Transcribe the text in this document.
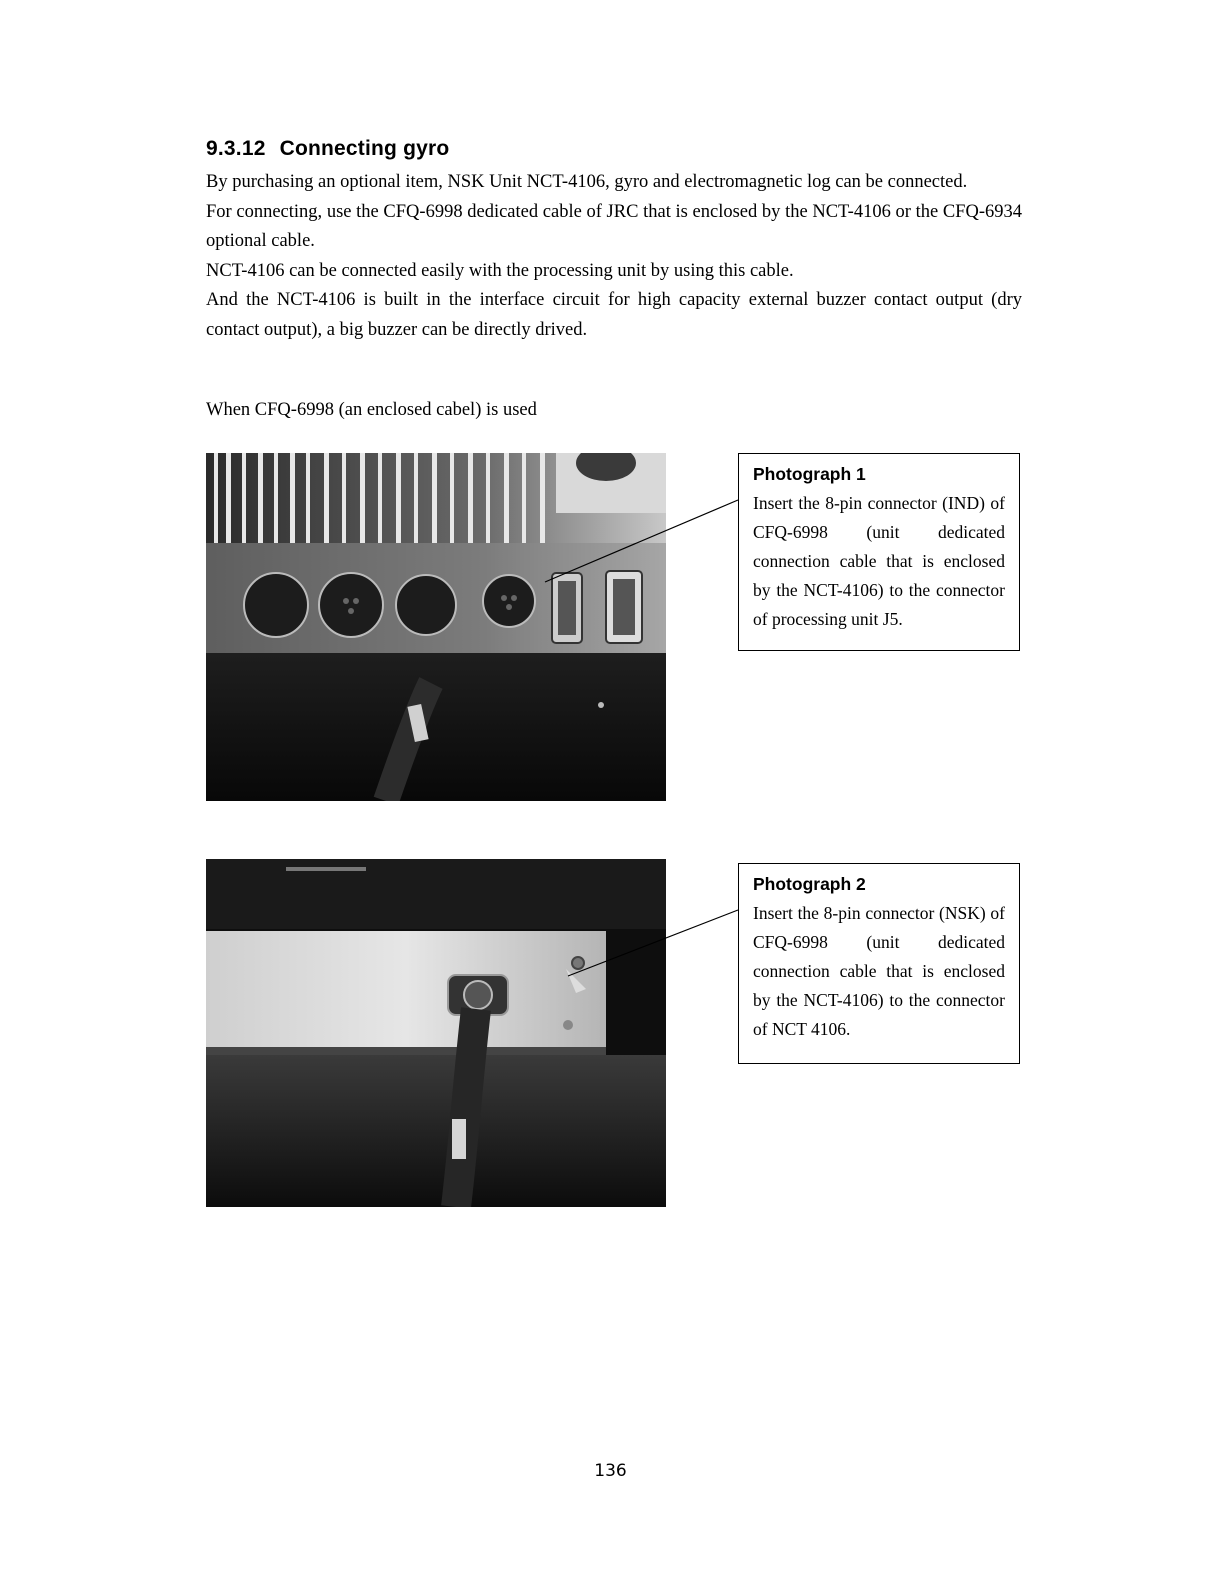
9.3.12 Connecting gyro

By purchasing an optional item, NSK Unit NCT-4106, gyro and electromagnetic log can be connected.

For connecting, use the CFQ-6998 dedicated cable of JRC that is enclosed by the NCT-4106 or the CFQ-6934 optional cable.

NCT-4106 can be connected easily with the processing unit by using this cable.

And the NCT-4106 is built in the interface circuit for high capacity external buzzer contact output (dry contact output), a big buzzer can be directly drived.

When CFQ-6998 (an enclosed cabel) is used
Photograph 1
Insert the 8-pin connector (IND) of CFQ-6998 (unit dedicated connection cable that is enclosed by the NCT-4106) to the connector of processing unit J5.
Photograph 2
Insert the 8-pin connector (NSK) of CFQ-6998 (unit dedicated connection cable that is enclosed by the NCT-4106) to the connector of NCT 4106.
136
